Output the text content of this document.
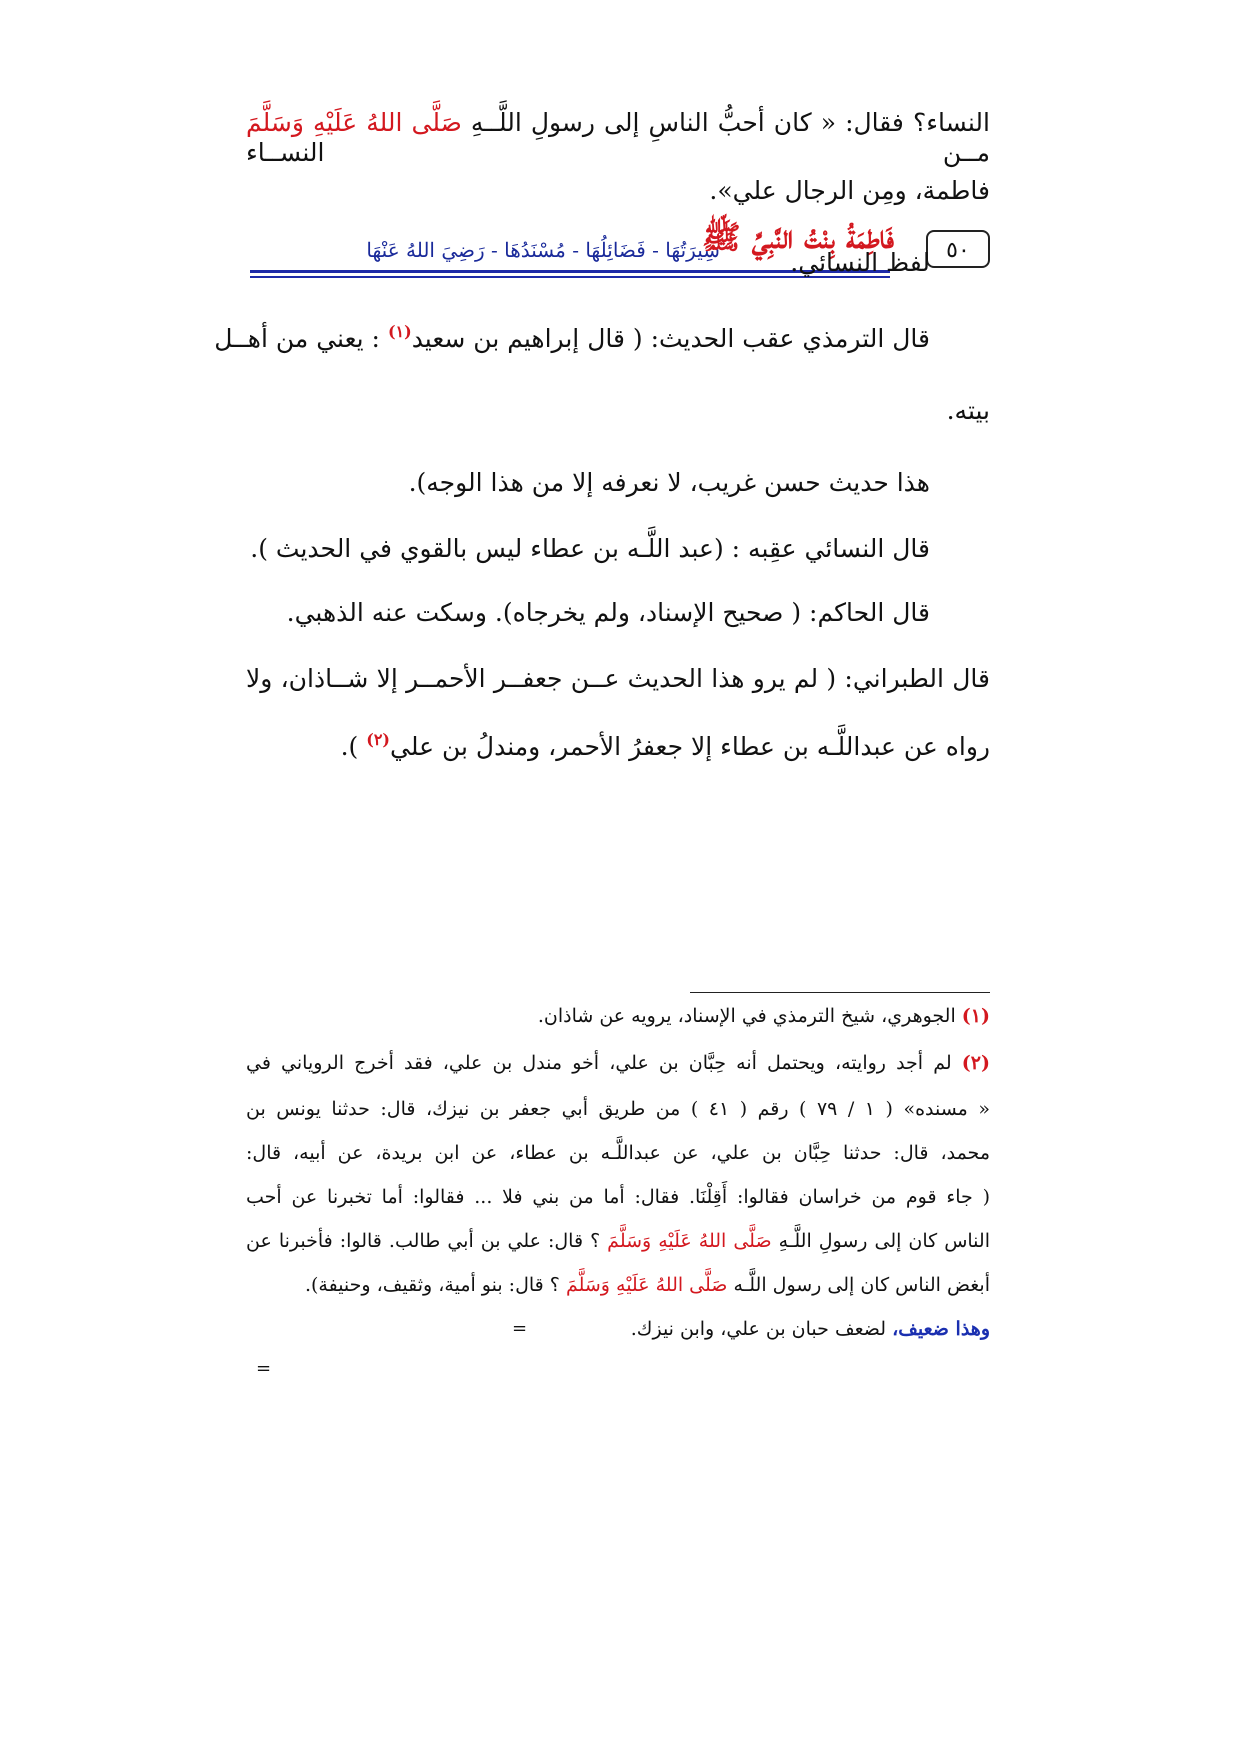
٥٠
فَاطِمَةُ بِنْتُ النَّبِيِّ ﷺ
سِيرَتُهَا - فَضَائِلُهَا - مُسْنَدُهَا - رَضِيَ اللهُ عَنْهَا
النساء؟ فقال: « كان أحبُّ الناسِ إلى رسولِ اللَّــهِ صَلَّى اللهُ عَلَيْهِ وَسَلَّمَ مــن النســاء
فاطمة، ومِن الرجال علي».
لفظ النسائي.
قال الترمذي عقب الحديث: ( قال إبراهيم بن سعيد$^{(١)}$ : يعني من أهــل
بيته.
هذا حديث حسن غريب، لا نعرفه إلا من هذا الوجه).
قال النسائي عقِبه : (عبد اللَّـه بن عطاء ليس بالقوي في الحديث ).
قال الحاكم: ( صحيح الإسناد، ولم يخرجاه). وسكت عنه الذهبي.
قال الطبراني: ( لم يرو هذا الحديث عــن جعفــر الأحمــر إلا شــاذان، ولا
رواه عن عبداللَّـه بن عطاء إلا جعفرُ الأحمر، ومندلُ بن علي$^{(٢)}$ ).
(١) الجوهري، شيخ الترمذي في الإسناد، يرويه عن شاذان.
(٢) لم أجد روايته، ويحتمل أنه حِبَّان بن علي، أخو مندل بن علي، فقد أخرج الروياني في
« مسنده» ( ١ / ٧٩ ) رقم ( ٤١ ) من طريق أبي جعفر بن نيزك، قال: حدثنا يونس بن
محمد، قال: حدثنا حِبَّان بن علي، عن عبداللَّـه بن عطاء، عن ابن بريدة، عن أبيه، قال:
( جاء قوم من خراسان فقالوا: أَقِلْنَا. فقال: أما من بني فلا ... فقالوا: أما تخبرنا عن أحب
الناس كان إلى رسولِ اللَّـهِ صَلَّى اللهُ عَلَيْهِ وَسَلَّمَ ؟ قال: علي بن أبي طالب. قالوا: فأخبرنا عن
أبغض الناس كان إلى رسول اللَّـه صَلَّى اللهُ عَلَيْهِ وَسَلَّمَ ؟ قال: بنو أمية، وثقيف، وحنيفة).
وهذا ضعيف، لضعف حبان بن علي، وابن نيزك.
=
=
